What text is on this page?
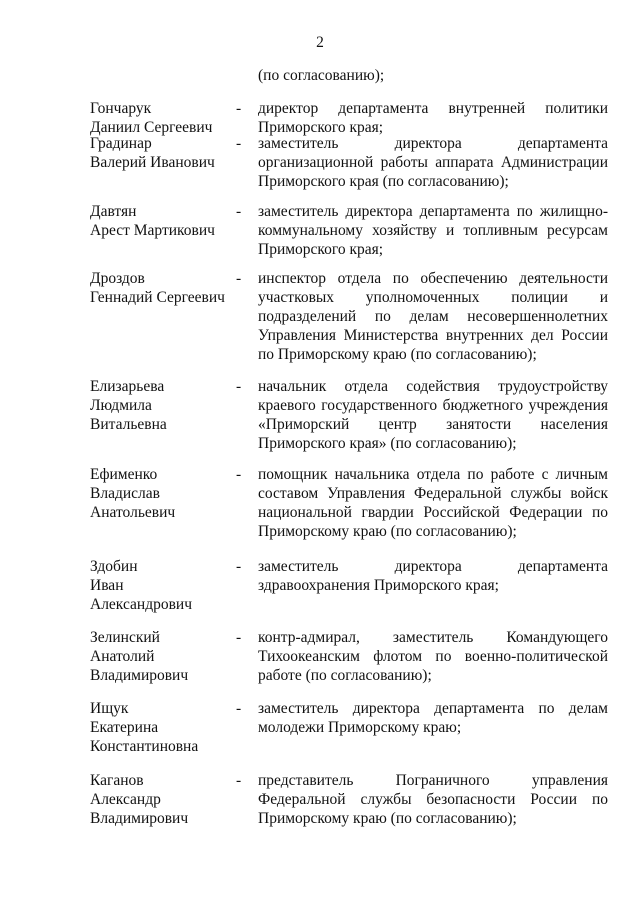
2
(по согласованию);
Гончарук
Даниил Сергеевич
- директор департамента внутренней политики Приморского края;
Градинар
Валерий Иванович
- заместитель директора департамента организационной работы аппарата Администрации Приморского края (по согласованию);
Давтян
Арест Мартикович
- заместитель директора департамента по жилищно-коммунальному хозяйству и топливным ресурсам Приморского края;
Дроздов
Геннадий Сергеевич
- инспектор отдела по обеспечению деятельности участковых уполномоченных полиции и подразделений по делам несовершеннолетних Управления Министерства внутренних дел России по Приморскому краю (по согласованию);
Елизарьева
Людмила
Витальевна
- начальник отдела содействия трудоустройству краевого государственного бюджетного учреждения «Приморский центр занятости населения Приморского края» (по согласованию);
Ефименко
Владислав
Анатольевич
- помощник начальника отдела по работе с личным составом Управления Федеральной службы войск национальной гвардии Российской Федерации по Приморскому краю (по согласованию);
Здобин
Иван
Александрович
- заместитель директора департамента здравоохранения Приморского края;
Зелинский
Анатолий
Владимирович
- контр-адмирал, заместитель Командующего Тихоокеанским флотом по военно-политической работе (по согласованию);
Ищук
Екатерина
Константиновна
- заместитель директора департамента по делам молодежи Приморскому краю;
Каганов
Александр
Владимирович
- представитель Пограничного управления Федеральной службы безопасности России по Приморскому краю (по согласованию);
